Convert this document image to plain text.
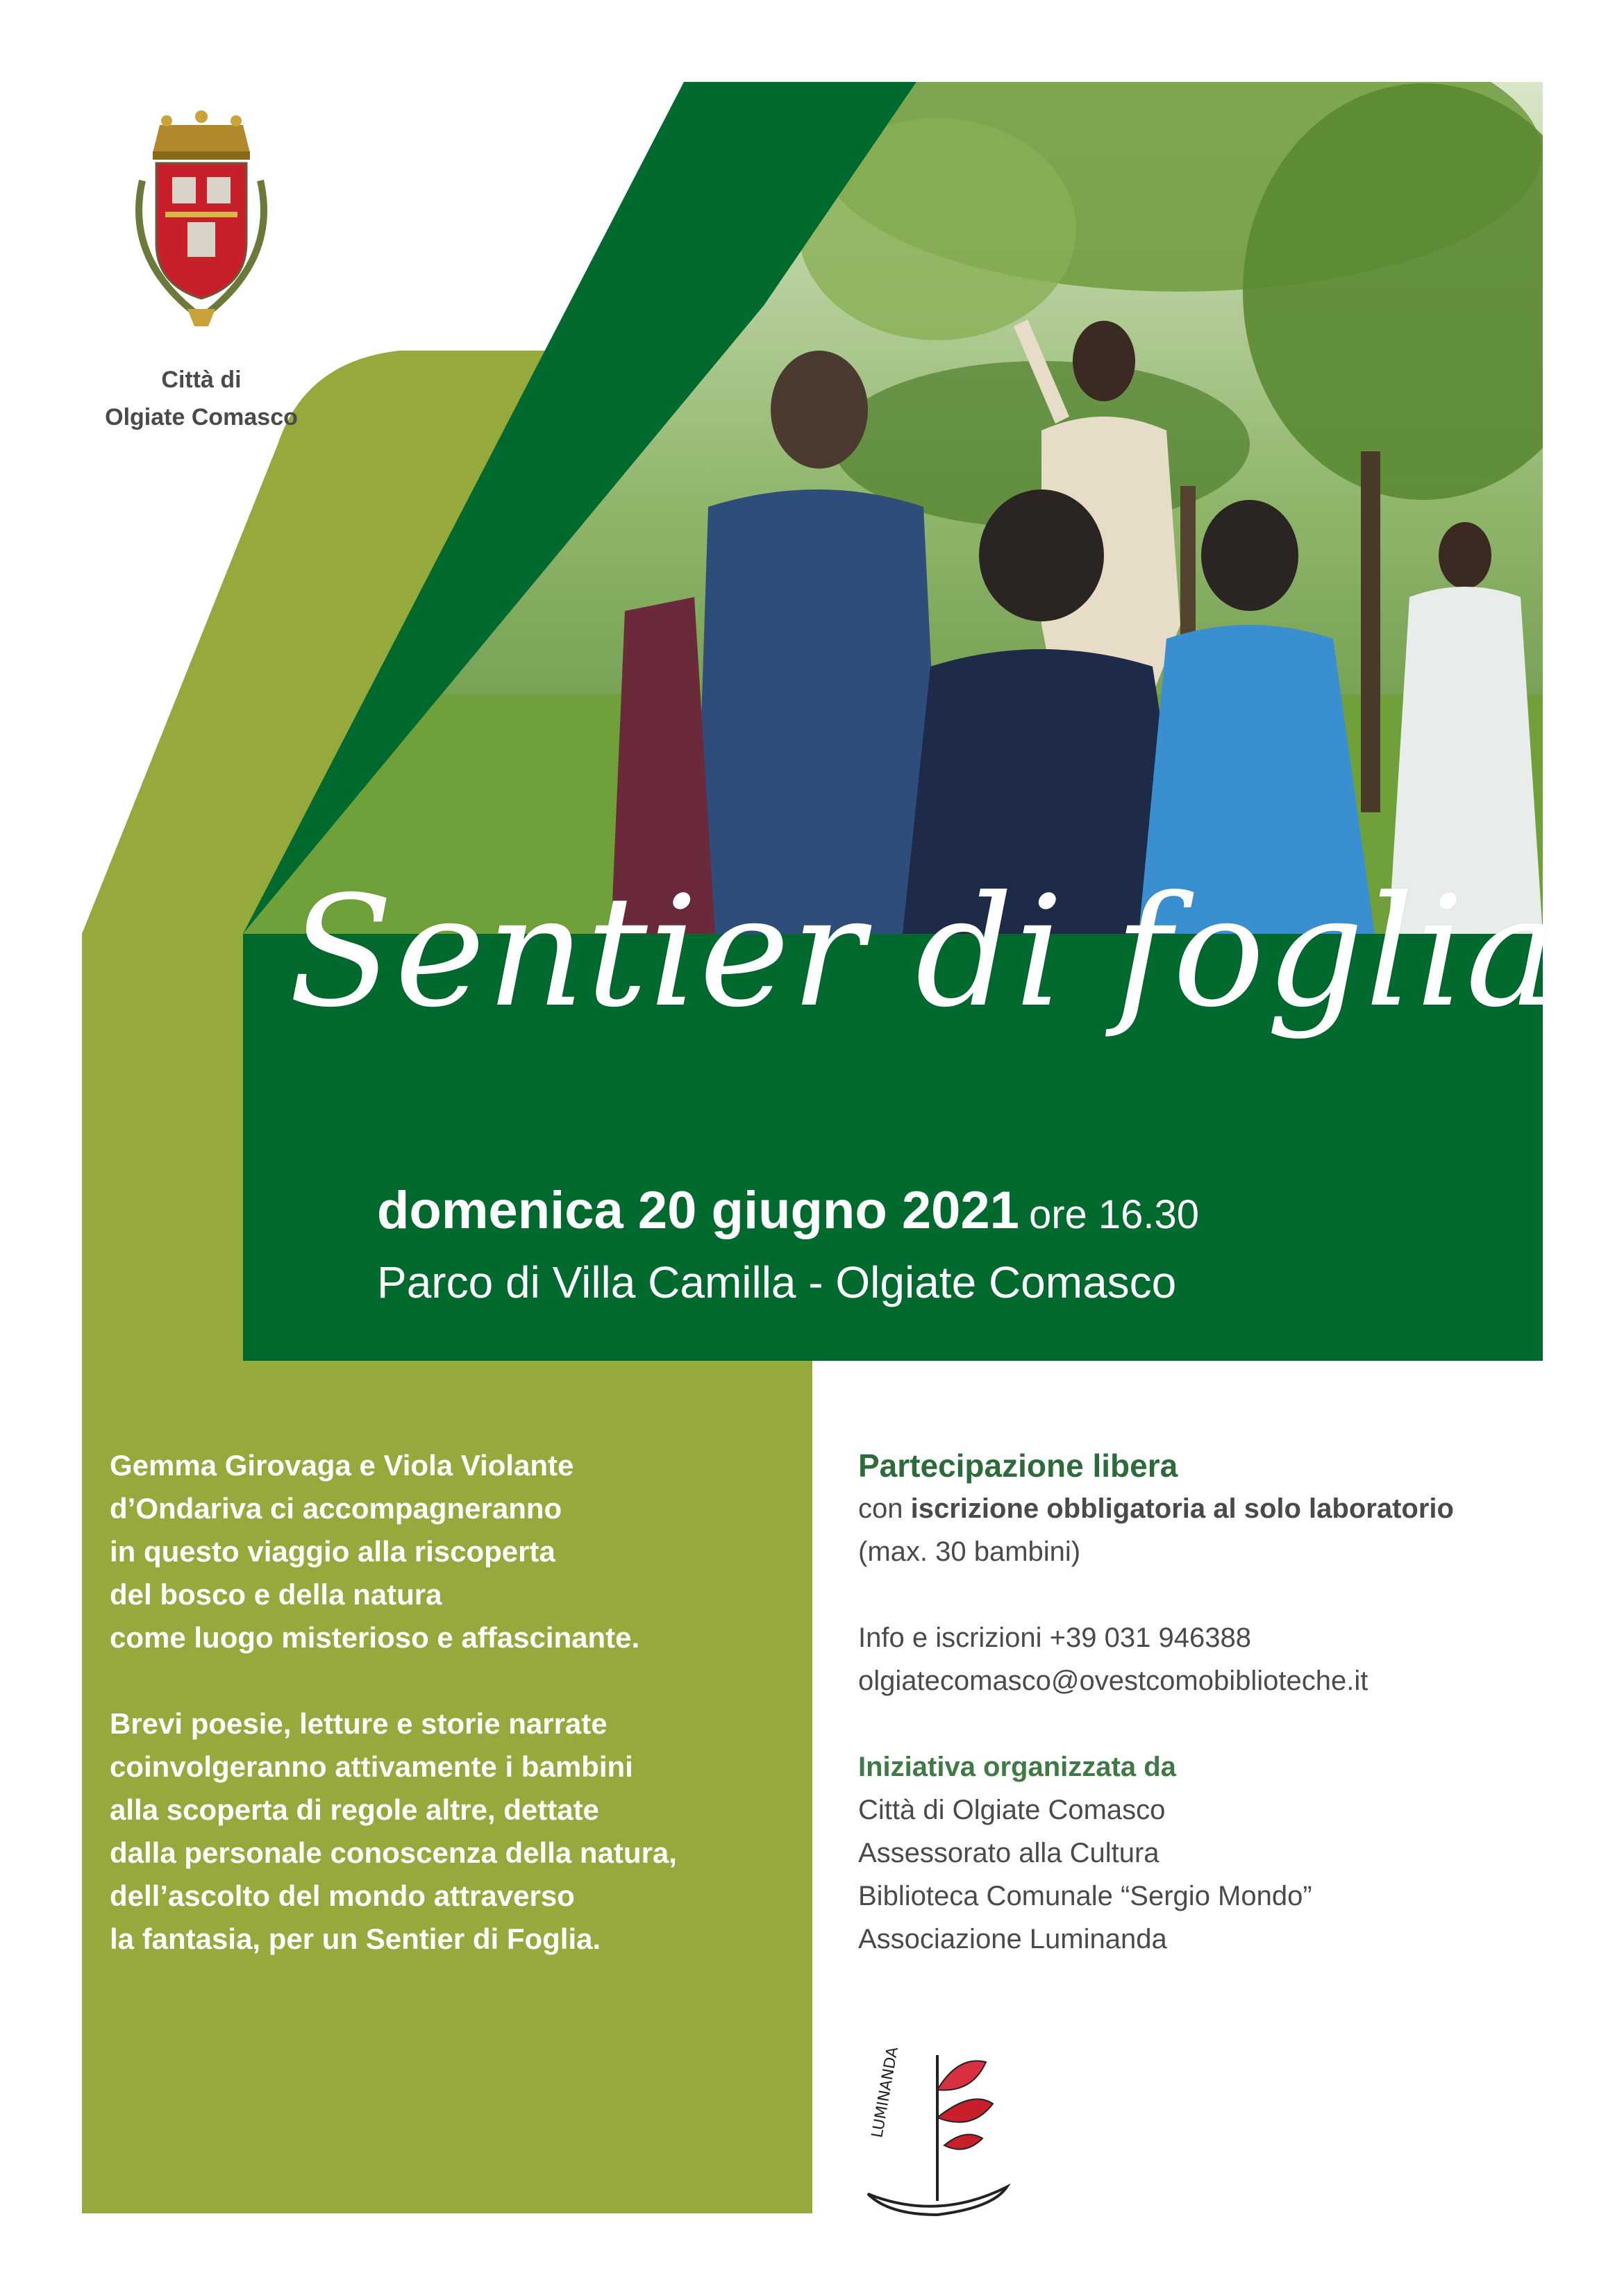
Città di
Olgiate Comasco
Sentier di foglia
domenica 20 giugno 2021 ore 16.30
Parco di Villa Camilla - Olgiate Comasco

Gemma Girovaga e Viola Violante
d’Ondariva ci accompagneranno
in questo viaggio alla riscoperta
del bosco e della natura
come luogo misterioso e affascinante.

Brevi poesie, letture e storie narrate
coinvolgeranno attivamente i bambini
alla scoperta di regole altre, dettate
dalla personale conoscenza della natura,
dell’ascolto del mondo attraverso
la fantasia, per un Sentier di Foglia.

Partecipazione libera
con iscrizione obbligatoria al solo laboratorio
(max. 30 bambini)
Info e iscrizioni +39 031 946388
olgiatecomasco@ovestcomobiblioteche.it
Iniziativa organizzata da
Città di Olgiate Comasco
Assessorato alla Cultura
Biblioteca Comunale “Sergio Mondo”
Associazione Luminanda
LUMINANDA
